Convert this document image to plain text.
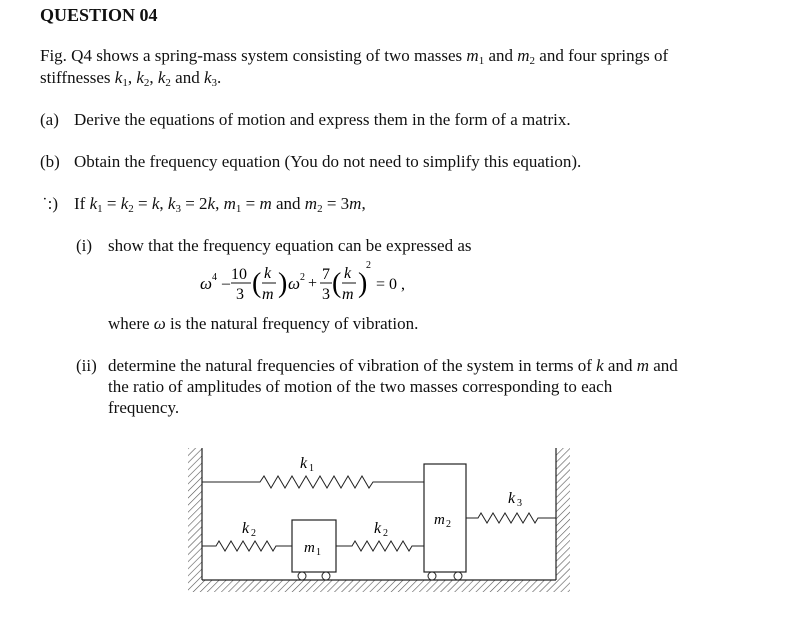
QUESTION 04
Fig. Q4 shows a spring-mass system consisting of two masses $m_1$ and $m_2$ and four springs of
stiffnesses $k_1$, $k_2$, $k_2$ and $k_3$.
(a) Derive the equations of motion and express them in the form of a matrix.
(b) Obtain the frequency equation (You do not need to simplify this equation).
˙:) If $k_1 = k_2 = k$, $k_3 = 2k$, $m_1 = m$ and $m_2 = 3m$,
(i) show that the frequency equation can be expressed as
ω 4 –
10
3 ( k
m ) ω 2 +
7
3 ( k
m )
2
= 0 ,
where ω is the natural frequency of vibration.
(ii) determine the natural frequencies of vibration of the system in terms of k and m and
the ratio of amplitudes of motion of the two masses corresponding to each
frequency.
k 1
k 2	k 2
k 3
m 1
m 2
